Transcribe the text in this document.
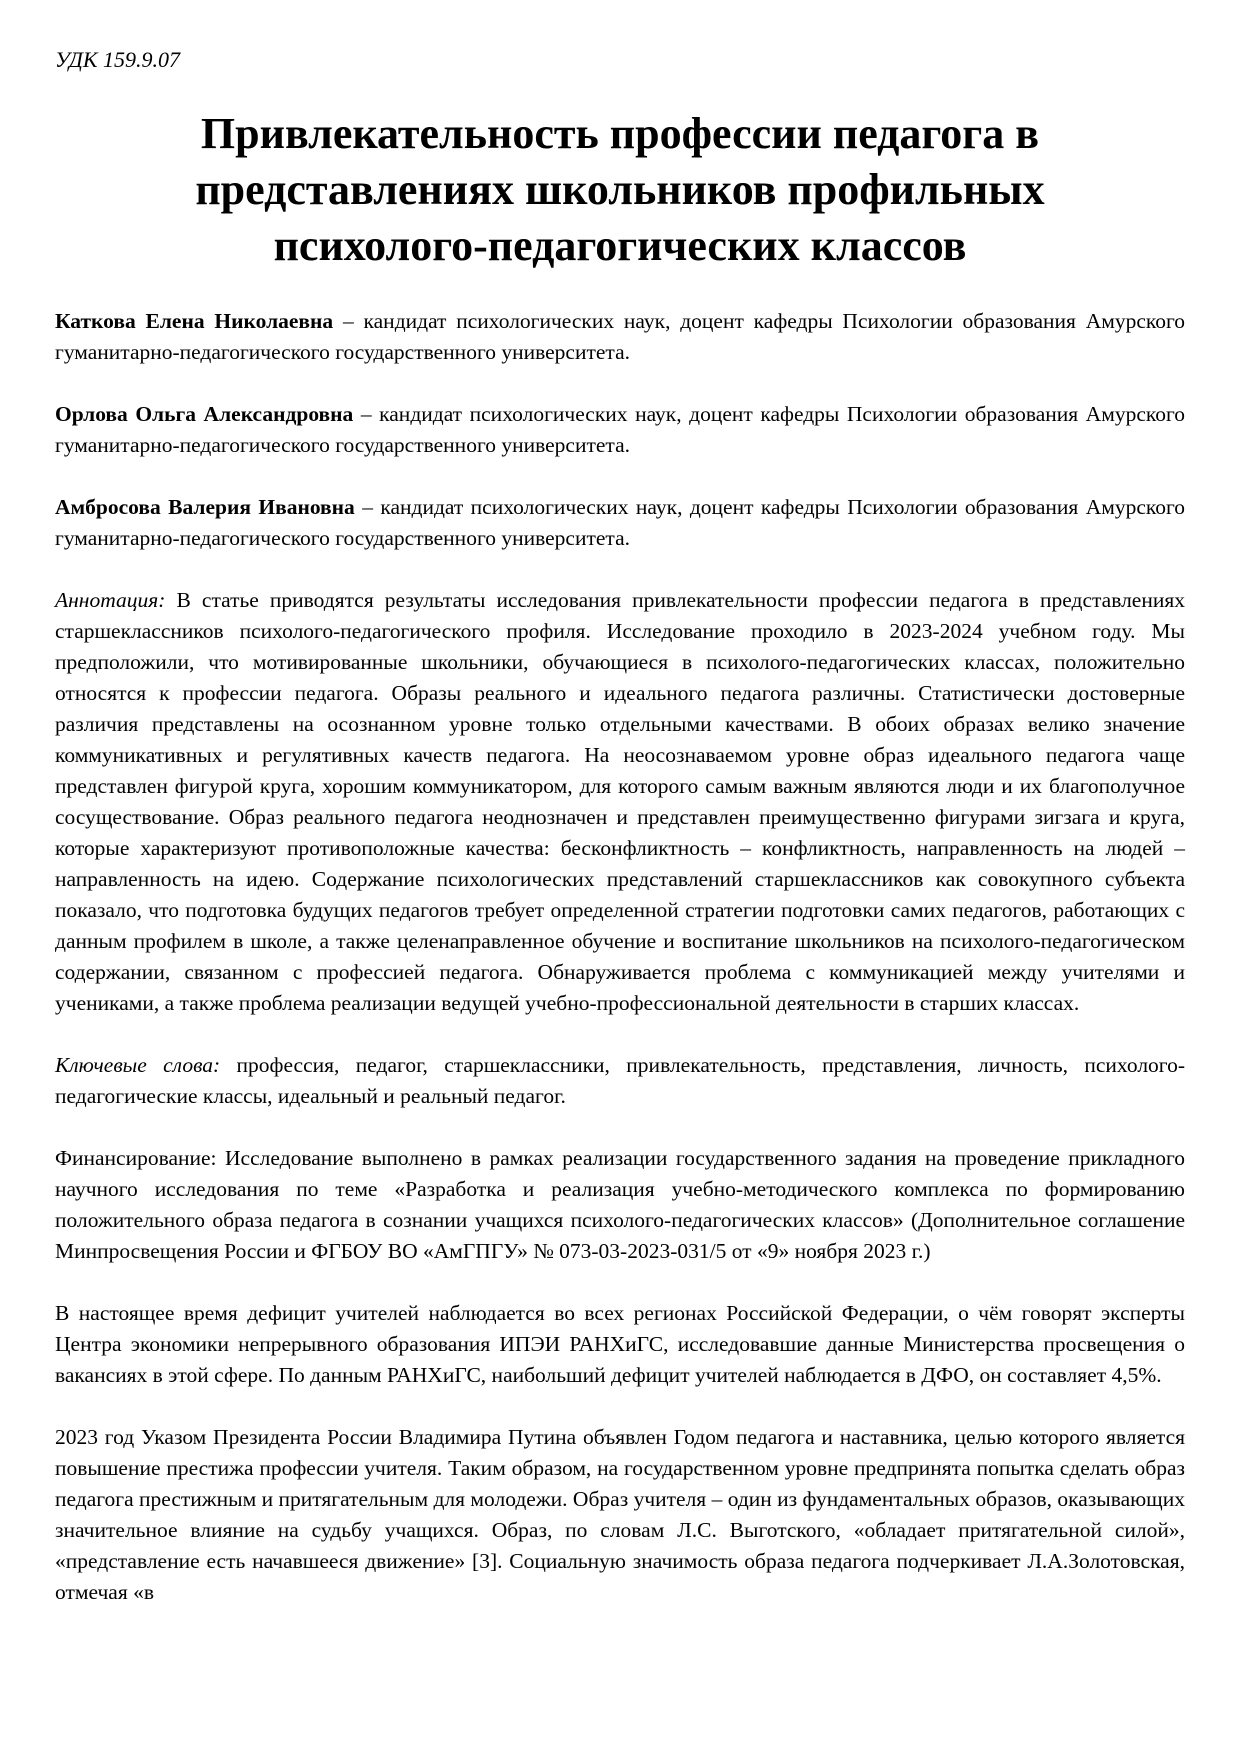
УДК 159.9.07
Привлекательность профессии педагога в представлениях школьников профильных психолого-педагогических классов

Каткова Елена Николаевна – кандидат психологических наук, доцент кафедры Психологии образования Амурского гуманитарно-педагогического государственного университета.

Орлова Ольга Александровна – кандидат психологических наук, доцент кафедры Психологии образования Амурского гуманитарно-педагогического государственного университета.

Амбросова Валерия Ивановна – кандидат психологических наук, доцент кафедры Психологии образования Амурского гуманитарно-педагогического государственного университета.

Аннотация: В статье приводятся результаты исследования привлекательности профессии педагога в представлениях старшеклассников психолого-педагогического профиля. Исследование проходило в 2023-2024 учебном году. Мы предположили, что мотивированные школьники, обучающиеся в психолого-педагогических классах, положительно относятся к профессии педагога. Образы реального и идеального педагога различны. Статистически достоверные различия представлены на осознанном уровне только отдельными качествами. В обоих образах велико значение коммуникативных и регулятивных качеств педагога. На неосознаваемом уровне образ идеального педагога чаще представлен фигурой круга, хорошим коммуникатором, для которого самым важным являются люди и их благополучное сосуществование. Образ реального педагога неоднозначен и представлен преимущественно фигурами зигзага и круга, которые характеризуют противоположные качества: бесконфликтность – конфликтность, направленность на людей – направленность на идею. Содержание психологических представлений старшеклассников как совокупного субъекта показало, что подготовка будущих педагогов требует определенной стратегии подготовки самих педагогов, работающих с данным профилем в школе, а также целенаправленное обучение и воспитание школьников на психолого-педагогическом содержании, связанном с профессией педагога. Обнаруживается проблема с коммуникацией между учителями и учениками, а также проблема реализации ведущей учебно-профессиональной деятельности в старших классах.

Ключевые слова: профессия, педагог, старшеклассники, привлекательность, представления, личность, психолого-педагогические классы, идеальный и реальный педагог.

Финансирование: Исследование выполнено в рамках реализации государственного задания на проведение прикладного научного исследования по теме «Разработка и реализация учебно-методического комплекса по формированию положительного образа педагога в сознании учащихся психолого-педагогических классов» (Дополнительное соглашение Минпросвещения России и ФГБОУ ВО «АмГПГУ» № 073-03-2023-031/5 от «9» ноября 2023 г.)

В настоящее время дефицит учителей наблюдается во всех регионах Российской Федерации, о чём говорят эксперты Центра экономики непрерывного образования ИПЭИ РАНХиГС, исследовавшие данные Министерства просвещения о вакансиях в этой сфере. По данным РАНХиГС, наибольший дефицит учителей наблюдается в ДФО, он составляет 4,5%.

2023 год Указом Президента России Владимира Путина объявлен Годом педагога и наставника, целью которого является повышение престижа профессии учителя. Таким образом, на государственном уровне предпринята попытка сделать образ педагога престижным и притягательным для молодежи. Образ учителя – один из фундаментальных образов, оказывающих значительное влияние на судьбу учащихся. Образ, по словам Л.С. Выготского, «обладает притягательной силой», «представление есть начавшееся движение» [3]. Социальную значимость образа педагога подчеркивает Л.А.Золотовская, отмечая «в
